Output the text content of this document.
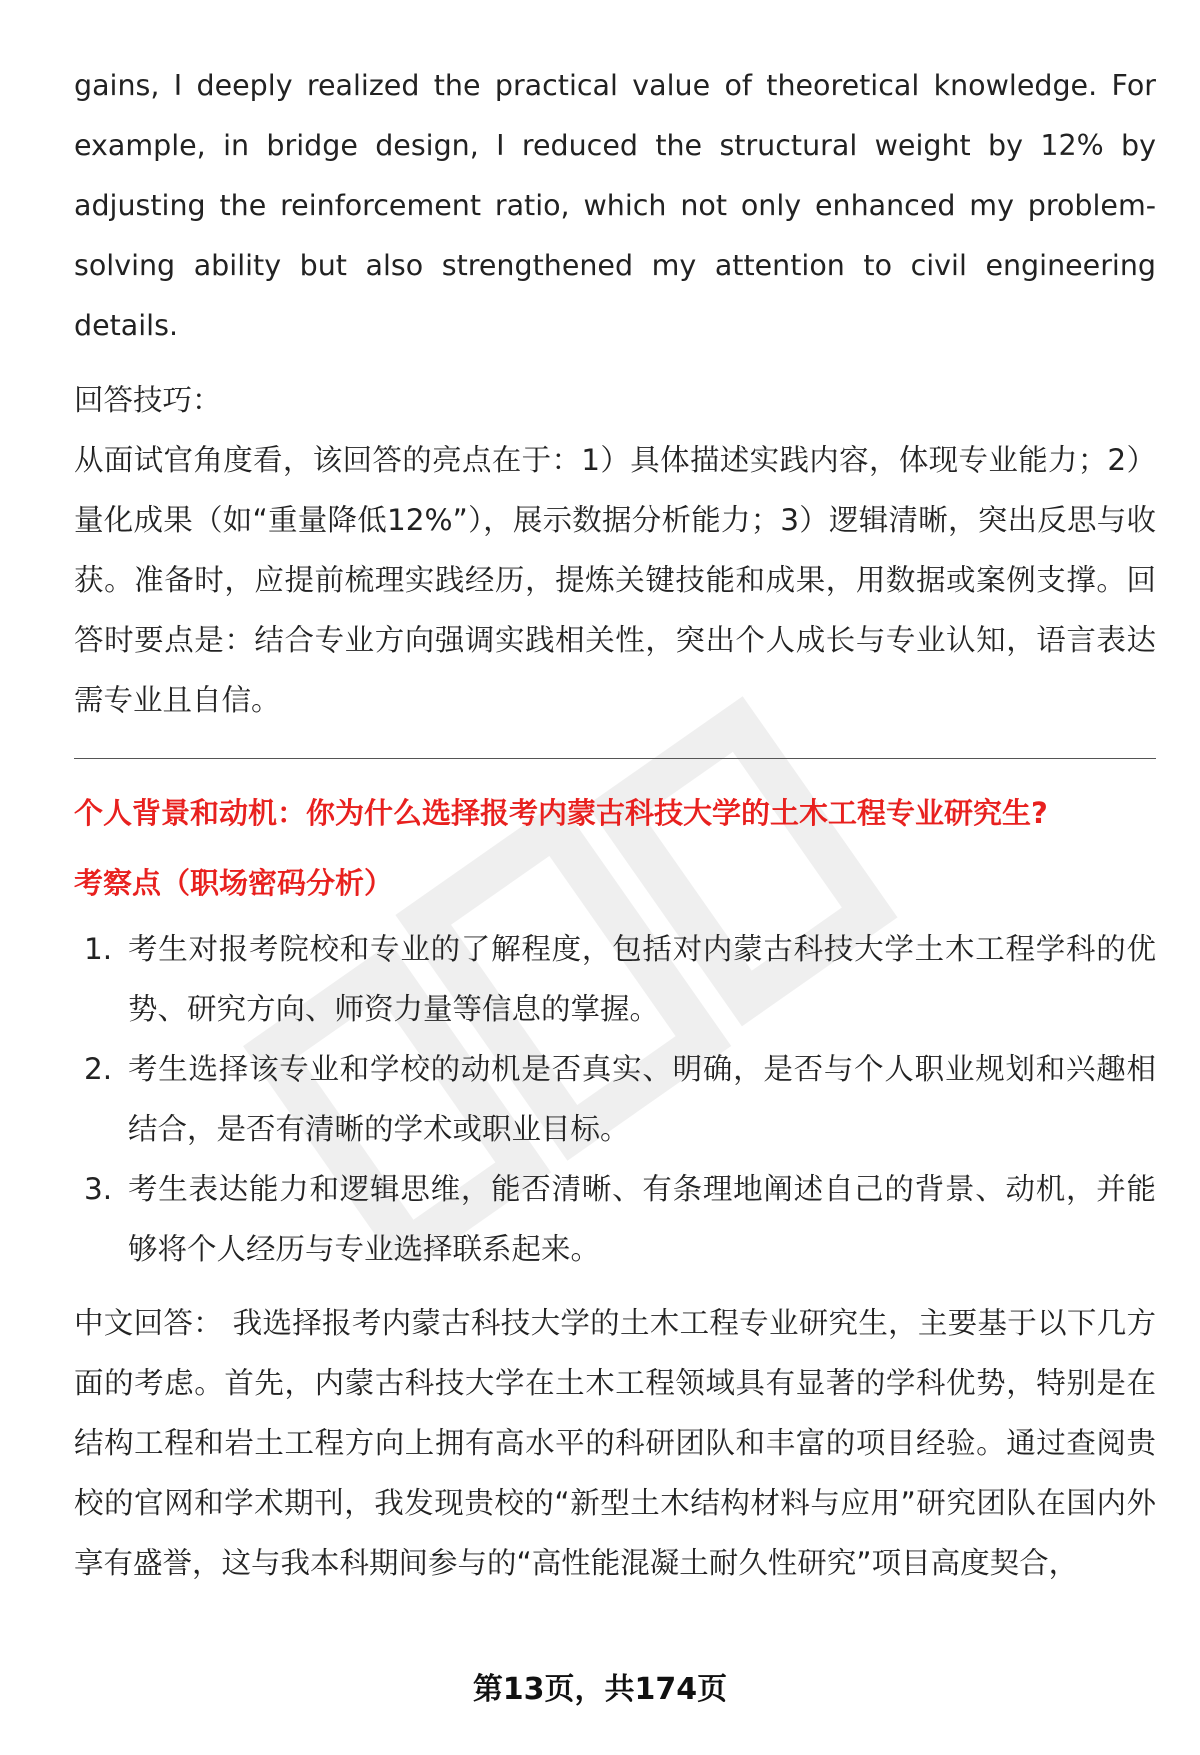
gains, I deeply realized the practical value of theoretical knowledge. For example, in bridge design, I reduced the structural weight by 12% by adjusting the reinforcement ratio, which not only enhanced my problem-solving ability but also strengthened my attention to civil engineering details.

回答技巧：

从面试官角度看，该回答的亮点在于：1）具体描述实践内容，体现专业能力；2）量化成果（如“重量降低12%”），展示数据分析能力；3）逻辑清晰，突出反思与收获。准备时，应提前梳理实践经历，提炼关键技能和成果，用数据或案例支撑。回答时要点是：结合专业方向强调实践相关性，突出个人成长与专业认知，语言表达需专业且自信。

个人背景和动机：你为什么选择报考内蒙古科技大学的土木工程专业研究生?

考察点（职场密码分析）

1. 考生对报考院校和专业的了解程度，包括对内蒙古科技大学土木工程学科的优势、研究方向、师资力量等信息的掌握。
2. 考生选择该专业和学校的动机是否真实、明确，是否与个人职业规划和兴趣相结合，是否有清晰的学术或职业目标。
3. 考生表达能力和逻辑思维，能否清晰、有条理地阐述自己的背景、动机，并能够将个人经历与专业选择联系起来。

中文回答： 我选择报考内蒙古科技大学的土木工程专业研究生，主要基于以下几方面的考虑。首先，内蒙古科技大学在土木工程领域具有显著的学科优势，特别是在结构工程和岩土工程方向上拥有高水平的科研团队和丰富的项目经验。通过查阅贵校的官网和学术期刊，我发现贵校的“新型土木结构材料与应用”研究团队在国内外享有盛誉，这与我本科期间参与的“高性能混凝土耐久性研究”项目高度契合，

第13页，共174页
